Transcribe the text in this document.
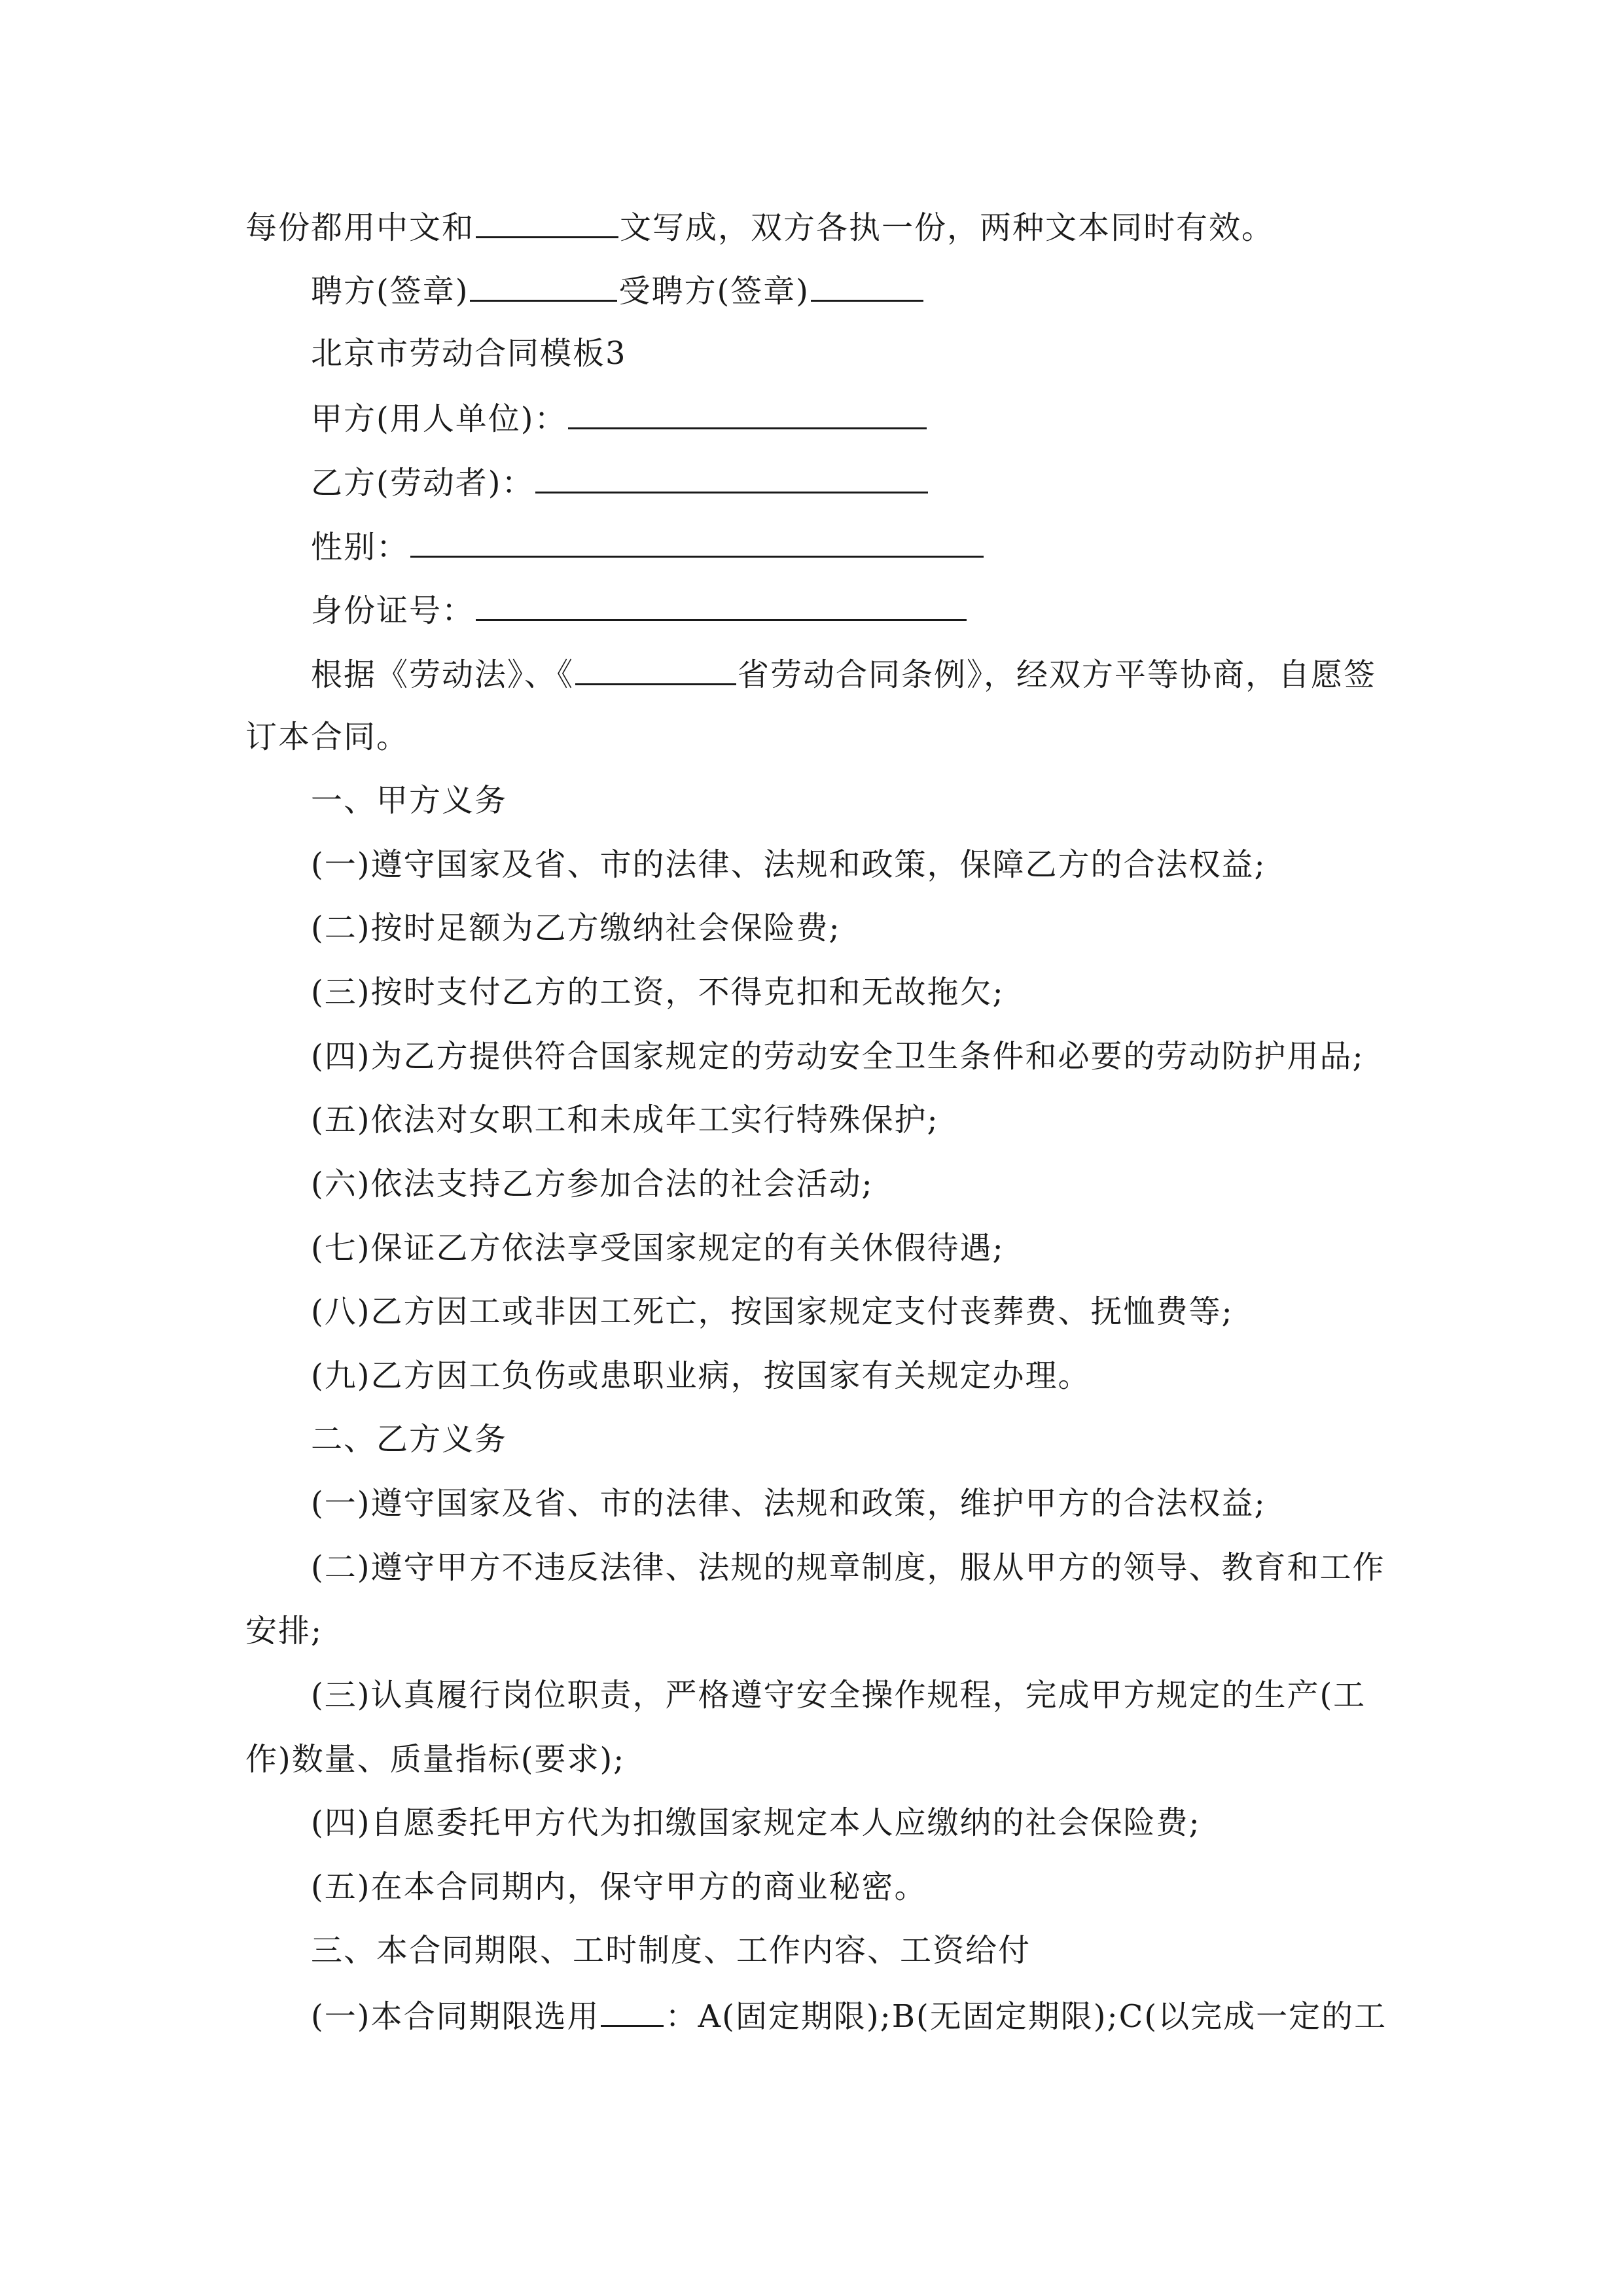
每份都用中文和	文写成，双方各执一份，两种文本同时有效。
聘方(签章)	受聘方(签章)
北京市劳动合同模板3
甲方(用人单位)：
乙方(劳动者)：
性别：
身份证号：
根据《劳动法》、《	省劳动合同条例》，经双方平等协商，自愿签
订本合同。
一、甲方义务
(一)遵守国家及省、市的法律、法规和政策，保障乙方的合法权益;
(二)按时足额为乙方缴纳社会保险费;
(三)按时支付乙方的工资，不得克扣和无故拖欠;
(四)为乙方提供符合国家规定的劳动安全卫生条件和必要的劳动防护用品;
(五)依法对女职工和未成年工实行特殊保护;
(六)依法支持乙方参加合法的社会活动;
(七)保证乙方依法享受国家规定的有关休假待遇;
(八)乙方因工或非因工死亡，按国家规定支付丧葬费、抚恤费等;
(九)乙方因工负伤或患职业病，按国家有关规定办理。
二、乙方义务
(一)遵守国家及省、市的法律、法规和政策，维护甲方的合法权益;
(二)遵守甲方不违反法律、法规的规章制度，服从甲方的领导、教育和工作
安排;
(三)认真履行岗位职责，严格遵守安全操作规程，完成甲方规定的生产(工
作)数量、质量指标(要求);
(四)自愿委托甲方代为扣缴国家规定本人应缴纳的社会保险费;
(五)在本合同期内，保守甲方的商业秘密。
三、本合同期限、工时制度、工作内容、工资给付
(一)本合同期限选用 ：A(固定期限);B(无固定期限);C(以完成一定的工
